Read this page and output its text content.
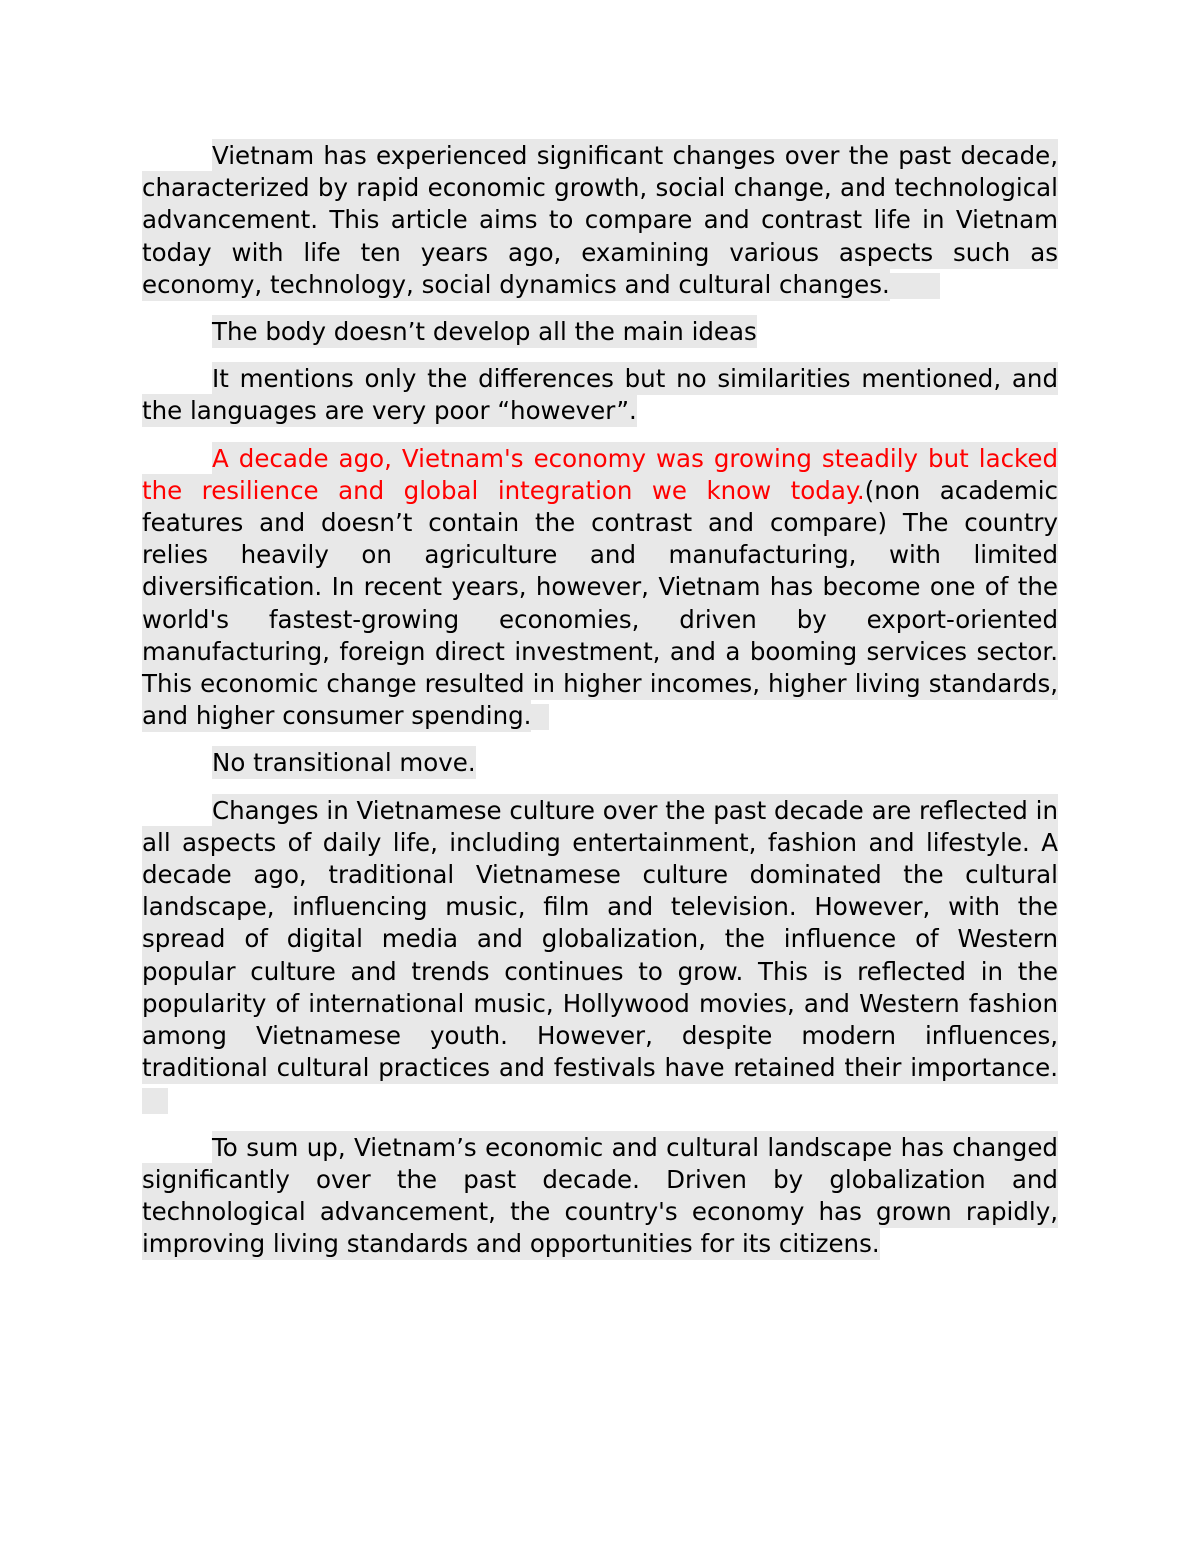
Vietnam has experienced significant changes over the past decade, characterized by rapid economic growth, social change, and technological advancement. This article aims to compare and contrast life in Vietnam today with life ten years ago, examining various aspects such as economy, technology, social dynamics and cultural changes.

The body doesn’t develop all the main ideas

It mentions only the differences but no similarities mentioned, and the languages are very poor “however”.

A decade ago, Vietnam's economy was growing steadily but lacked the resilience and global integration we know today.(non academic features and doesn’t contain the contrast and compare) The country relies heavily on agriculture and manufacturing, with limited diversification. In recent years, however, Vietnam has become one of the world's fastest-growing economies, driven by export-oriented manufacturing, foreign direct investment, and a booming services sector. This economic change resulted in higher incomes, higher living standards, and higher consumer spending.

No transitional move.

Changes in Vietnamese culture over the past decade are reflected in all aspects of daily life, including entertainment, fashion and lifestyle. A decade ago, traditional Vietnamese culture dominated the cultural landscape, influencing music, film and television. However, with the spread of digital media and globalization, the influence of Western popular culture and trends continues to grow. This is reflected in the popularity of international music, Hollywood movies, and Western fashion among Vietnamese youth. However, despite modern influences, traditional cultural practices and festivals have retained their importance.

To sum up, Vietnam’s economic and cultural landscape has changed significantly over the past decade. Driven by globalization and technological advancement, the country's economy has grown rapidly, improving living standards and opportunities for its citizens.
